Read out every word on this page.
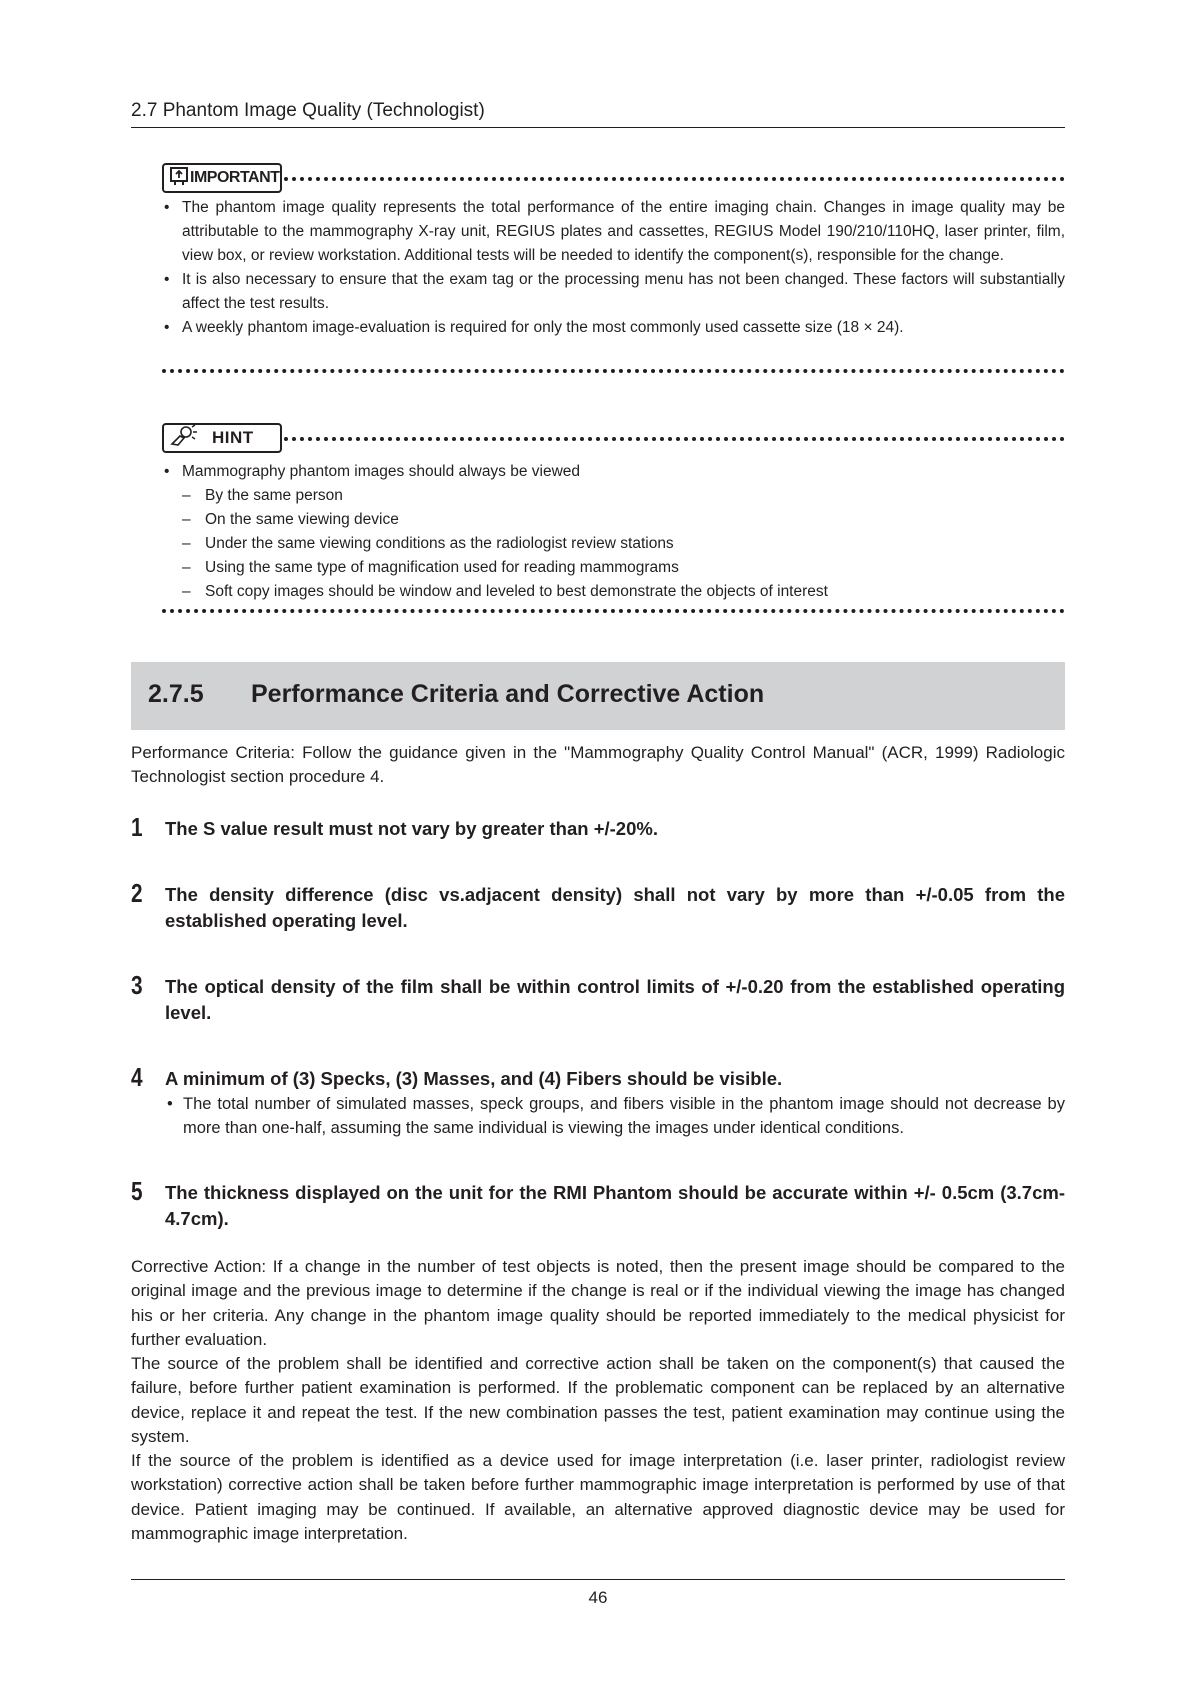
2.7 Phantom Image Quality (Technologist)
IMPORTANT
• The phantom image quality represents the total performance of the entire imaging chain. Changes in image quality may be attributable to the mammography X-ray unit, REGIUS plates and cassettes, REGIUS Model 190/210/110HQ, laser printer, film, view box, or review workstation. Additional tests will be needed to identify the component(s), responsible for the change.
• It is also necessary to ensure that the exam tag or the processing menu has not been changed. These factors will substantially affect the test results.
• A weekly phantom image-evaluation is required for only the most commonly used cassette size (18 × 24).
HINT
• Mammography phantom images should always be viewed
– By the same person
– On the same viewing device
– Under the same viewing conditions as the radiologist review stations
– Using the same type of magnification used for reading mammograms
– Soft copy images should be window and leveled to best demonstrate the objects of interest
2.7.5 Performance Criteria and Corrective Action
Performance Criteria: Follow the guidance given in the "Mammography Quality Control Manual" (ACR, 1999) Radiologic Technologist section procedure 4.
1 The S value result must not vary by greater than +/-20%.
2 The density difference (disc vs.adjacent density) shall not vary by more than +/-0.05 from the established operating level.
3 The optical density of the film shall be within control limits of +/-0.20 from the established operating level.
4 A minimum of (3) Specks, (3) Masses, and (4) Fibers should be visible.
• The total number of simulated masses, speck groups, and fibers visible in the phantom image should not decrease by more than one-half, assuming the same individual is viewing the images under identical conditions.
5 The thickness displayed on the unit for the RMI Phantom should be accurate within +/- 0.5cm (3.7cm-4.7cm).
Corrective Action: If a change in the number of test objects is noted, then the present image should be compared to the original image and the previous image to determine if the change is real or if the individual viewing the image has changed his or her criteria. Any change in the phantom image quality should be reported immediately to the medical physicist for further evaluation.
The source of the problem shall be identified and corrective action shall be taken on the component(s) that caused the failure, before further patient examination is performed. If the problematic component can be replaced by an alternative device, replace it and repeat the test. If the new combination passes the test, patient examination may continue using the system.
If the source of the problem is identified as a device used for image interpretation (i.e. laser printer, radiologist review workstation) corrective action shall be taken before further mammographic image interpretation is performed by use of that device. Patient imaging may be continued. If available, an alternative approved diagnostic device may be used for mammographic image interpretation.
46
